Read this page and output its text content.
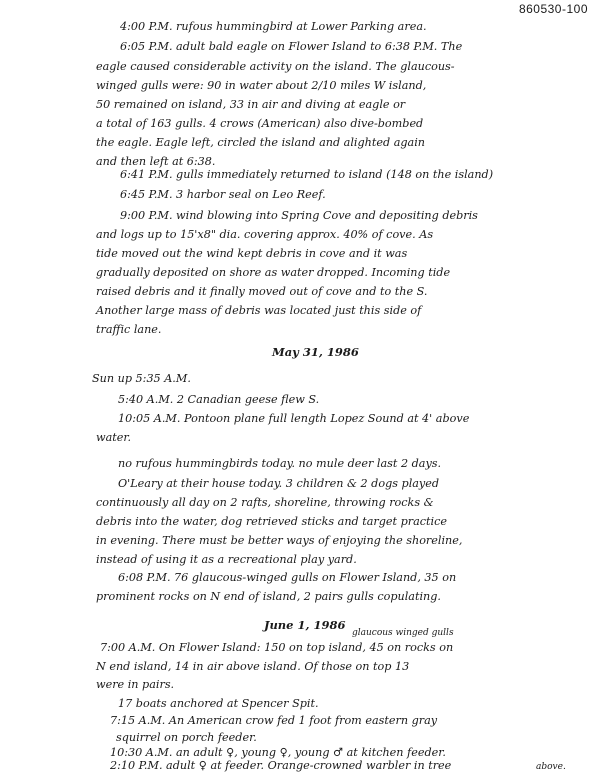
860530-100
4:00 P.M. rufous hummingbird at Lower Parking area.
6:05 P.M. adult bald eagle on Flower Island to 6:38 P.M. The
eagle caused considerable activity on the island. The glaucous-
winged gulls were: 90 in water about 2/10 miles W island,
50 remained on island, 33 in air and diving at eagle or
a total of 163 gulls. 4 crows (American) also dive-bombed
the eagle. Eagle left, circled the island and alighted again
and then left at 6:38.
6:41 P.M. gulls immediately returned to island (148 on the island)
6:45 P.M. 3 harbor seal on Leo Reef.
9:00 P.M. wind blowing into Spring Cove and depositing debris
and logs up to 15'x8" dia. covering approx. 40% of cove. As
tide moved out the wind kept debris in cove and it was
gradually deposited on shore as water dropped. Incoming tide
raised debris and it finally moved out of cove and to the S.
Another large mass of debris was located just this side of
traffic lane.
May 31, 1986
Sun up 5:35 A.M.
5:40 A.M. 2 Canadian geese flew S.
10:05 A.M. Pontoon plane full length Lopez Sound at 4' above
water.
no rufous hummingbirds today. no mule deer last 2 days.
O'Leary at their house today. 3 children & 2 dogs played
continuously all day on 2 rafts, shoreline, throwing rocks &
debris into the water, dog retrieved sticks and target practice
in evening. There must be better ways of enjoying the shoreline,
instead of using it as a recreational play yard.
6:08 P.M. 76 glaucous-winged gulls on Flower Island, 35 on
prominent rocks on N end of island, 2 pairs gulls copulating.
June 1, 1986
glaucous winged gulls
7:00 A.M. On Flower Island: 150 on top island, 45 on rocks on
N end island, 14 in air above island. Of those on top 13
were in pairs.
17 boats anchored at Spencer Spit.
7:15 A.M. An American crow fed 1 foot from eastern gray
squirrel on porch feeder.
10:30 A.M. an adult ♀, young ♀, young ♂ at kitchen feeder.
2:10 P.M. adult ♀ at feeder. Orange-crowned warbler in tree	above.
